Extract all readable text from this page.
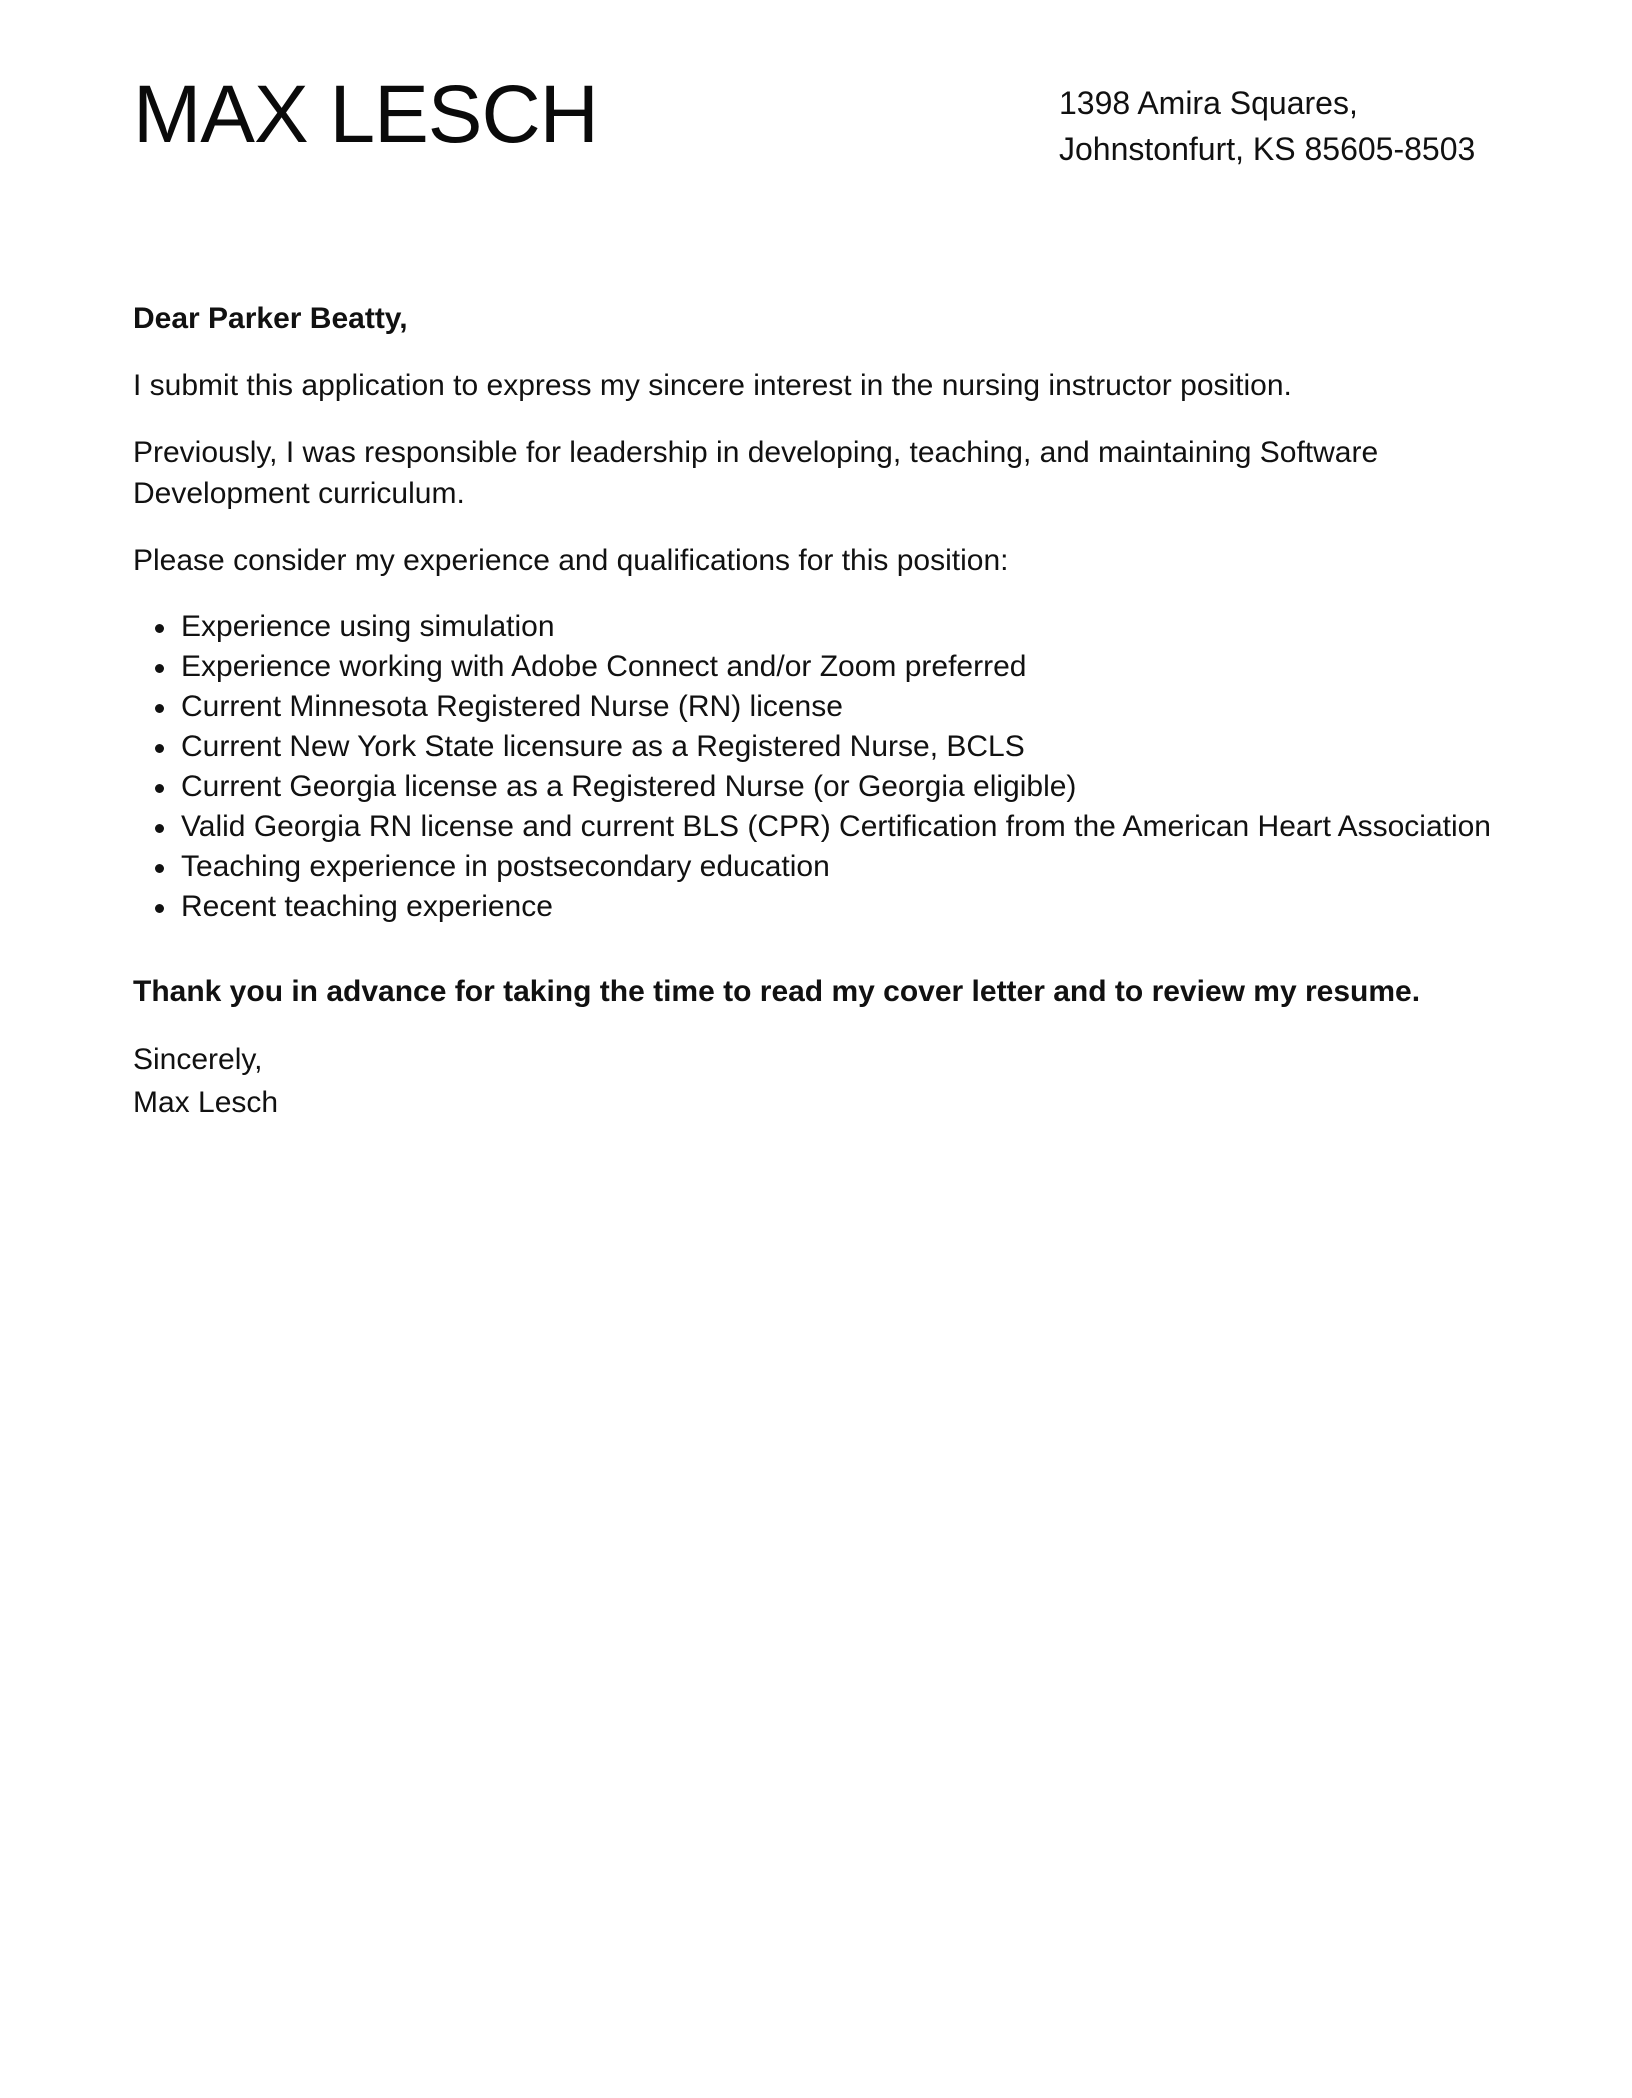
MAX LESCH	1398 Amira Squares,
Johnstonfurt, KS 85605-8503

Dear Parker Beatty,

I submit this application to express my sincere interest in the nursing instructor position.

Previously, I was responsible for leadership in developing, teaching, and maintaining Software Development curriculum.

Please consider my experience and qualifications for this position:

Experience using simulation
Experience working with Adobe Connect and/or Zoom preferred
Current Minnesota Registered Nurse (RN) license
Current New York State licensure as a Registered Nurse, BCLS
Current Georgia license as a Registered Nurse (or Georgia eligible)
Valid Georgia RN license and current BLS (CPR) Certification from the American Heart Association
Teaching experience in postsecondary education
Recent teaching experience

Thank you in advance for taking the time to read my cover letter and to review my resume.

Sincerely,
Max Lesch
